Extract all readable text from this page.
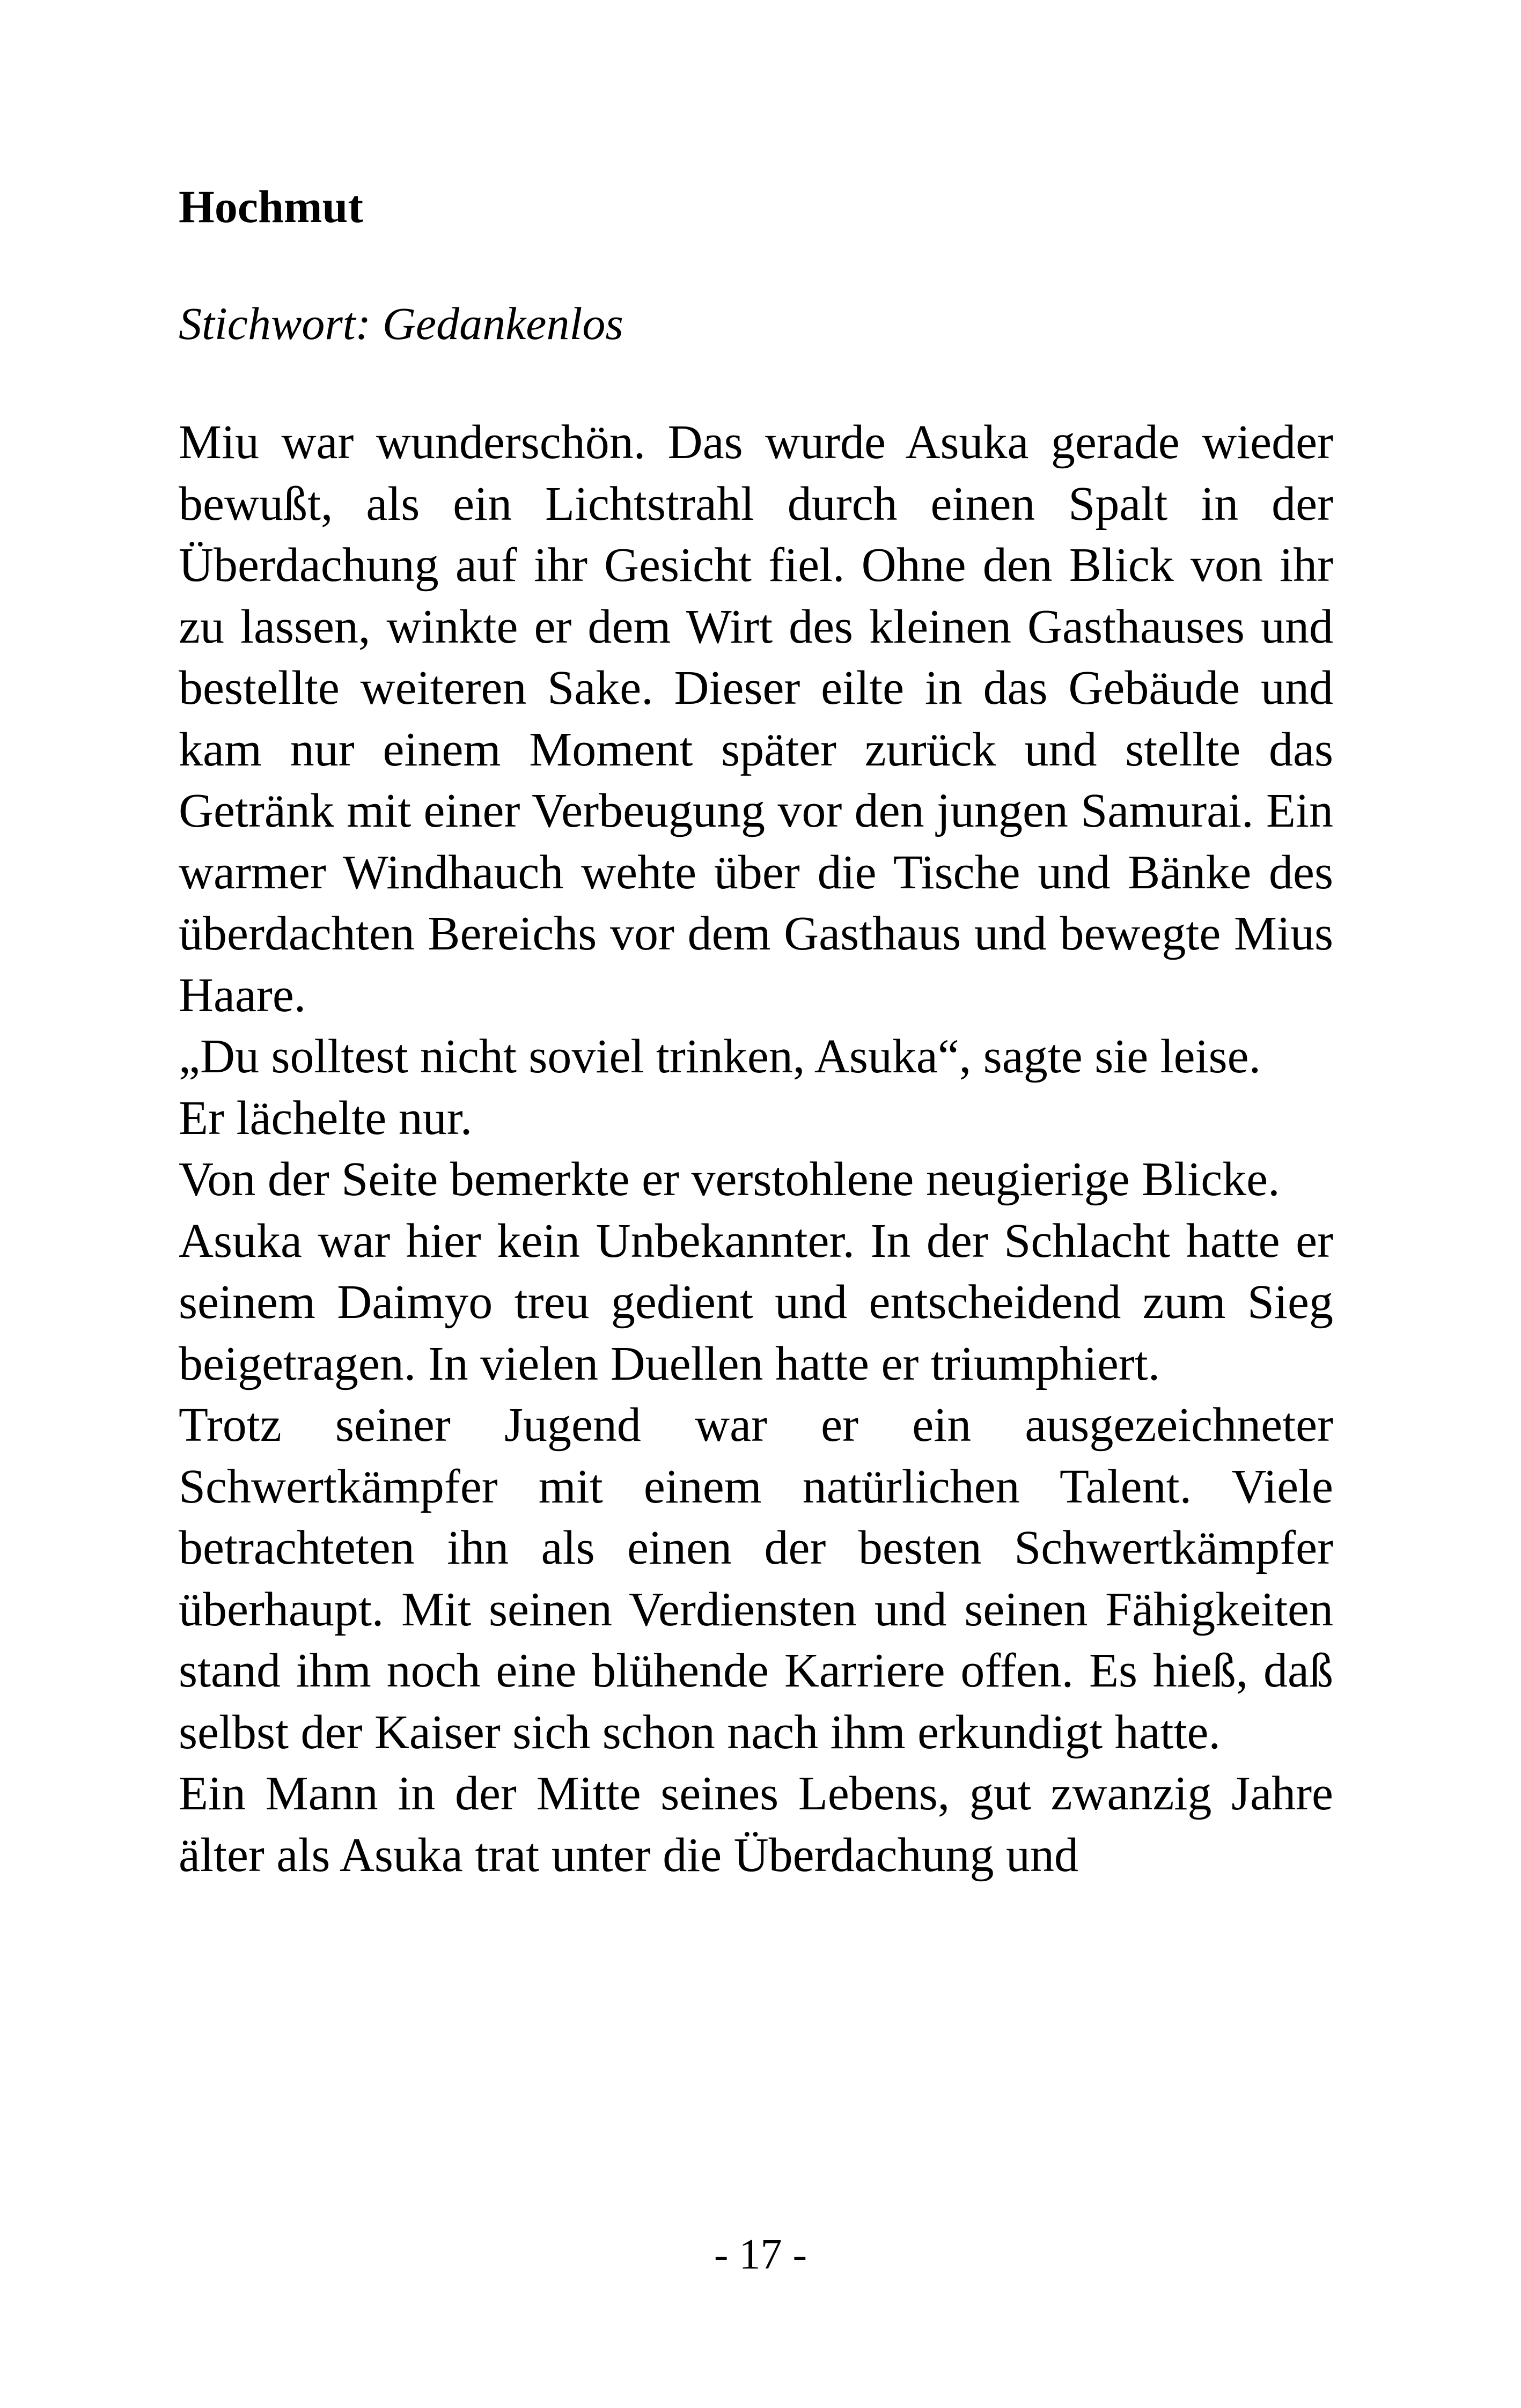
Hochmut

Stichwort: Gedankenlos

Miu war wunderschön. Das wurde Asuka gerade wieder bewußt, als ein Lichtstrahl durch einen Spalt in der Überdachung auf ihr Gesicht fiel. Ohne den Blick von ihr zu lassen, winkte er dem Wirt des kleinen Gasthauses und bestellte weiteren Sake. Dieser eilte in das Gebäude und kam nur einem Moment später zurück und stellte das Getränk mit einer Verbeugung vor den jungen Samurai. Ein warmer Windhauch wehte über die Tische und Bänke des überdachten Bereichs vor dem Gasthaus und bewegte Mius Haare.

„Du solltest nicht soviel trinken, Asuka“, sagte sie leise.

Er lächelte nur.

Von der Seite bemerkte er verstohlene neugierige Blicke.

Asuka war hier kein Unbekannter. In der Schlacht hatte er seinem Daimyo treu gedient und entscheidend zum Sieg beigetragen. In vielen Duellen hatte er triumphiert.

Trotz seiner Jugend war er ein ausgezeichneter Schwertkämpfer mit einem natürlichen Talent. Viele betrachteten ihn als einen der besten Schwertkämpfer überhaupt. Mit seinen Verdiensten und seinen Fähigkeiten stand ihm noch eine blühende Karriere offen. Es hieß, daß selbst der Kaiser sich schon nach ihm erkundigt hatte.

Ein Mann in der Mitte seines Lebens, gut zwanzig Jahre älter als Asuka trat unter die Überdachung und

- 17 -
